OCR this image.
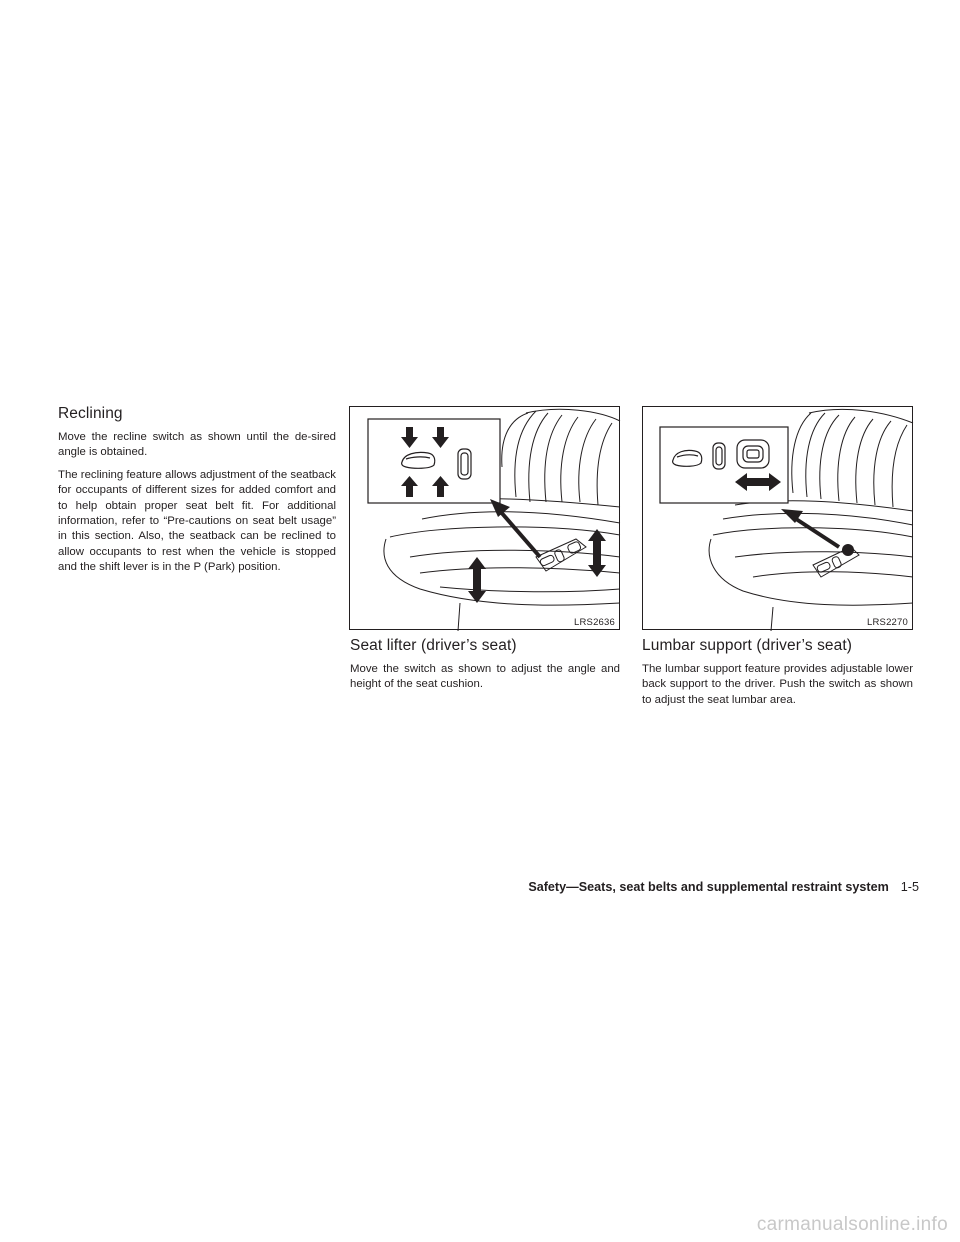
Reclining

Move the recline switch as shown until the de-sired angle is obtained.

The reclining feature allows adjustment of the seatback for occupants of different sizes for added comfort and to help obtain proper seat belt fit. For additional information, refer to “Pre-cautions on seat belt usage” in this section. Also, the seatback can be reclined to allow occupants to rest when the vehicle is stopped and the shift lever is in the P (Park) position.

LRS2636	LRS2270
Seat lifter (driver’s seat)

Move the switch as shown to adjust the angle and height of the seat cushion.

Lumbar support (driver’s seat)

The lumbar support feature provides adjustable lower back support to the driver. Push the switch as shown to adjust the seat lumbar area.

Safety—Seats, seat belts and supplemental restraint system 1-5
carmanualsonline.info
